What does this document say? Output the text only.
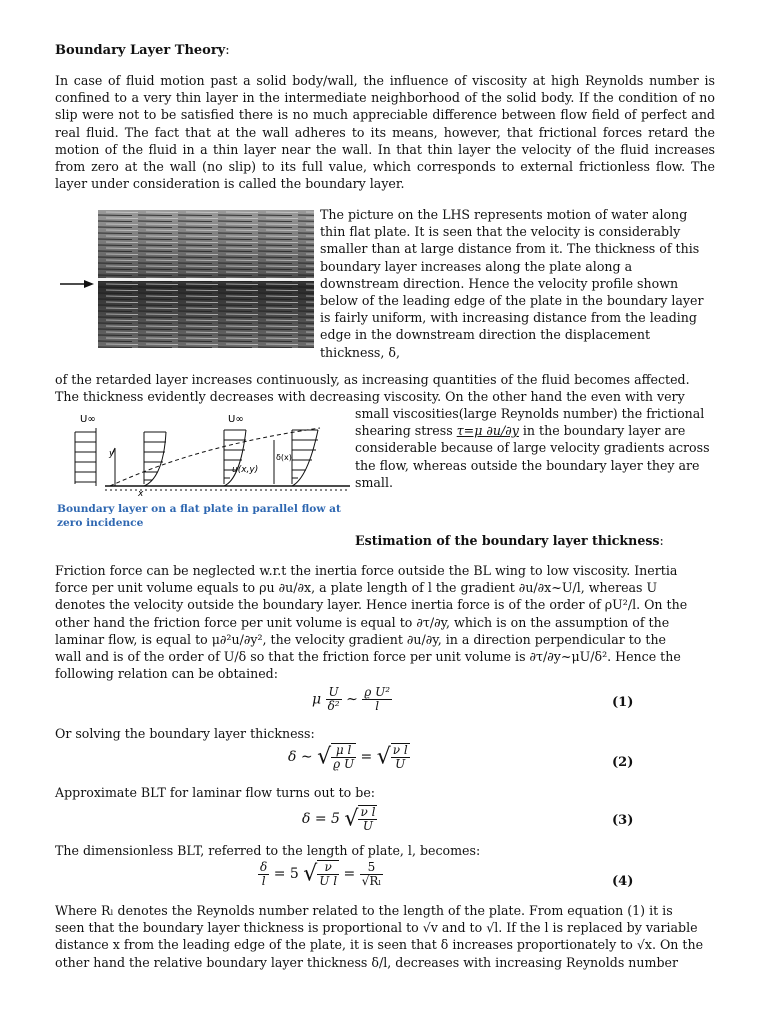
Boundary Layer Theory:

In case of fluid motion past a solid body/wall, the influence of viscosity at high Reynolds number is confined to a very thin layer in the intermediate neighborhood of the solid body. If the condition of no slip were not to be satisfied there is no much appreciable difference between flow field of perfect and real fluid. The fact that at the wall adheres to its means, however, that frictional forces retard the motion of the fluid in a thin layer near the wall. In that thin layer the velocity of the fluid increases from zero at the wall (no slip) to its full value, which corresponds to external frictionless flow. The layer under consideration is called the boundary layer.

The picture on the LHS represents motion of water along thin flat plate. It is seen that the velocity is considerably smaller than at large distance from it. The thickness of this boundary layer increases along the plate along a downstream direction. Hence the velocity profile shown below of the leading edge of the plate in the boundary layer is fairly uniform, with increasing distance from the leading edge in the downstream direction the displacement thickness, δ,

of the retarded layer increases continuously, as increasing quantities of the fluid becomes affected. The thickness evidently decreases with decreasing viscosity. On the other hand the even with very

U∞	U∞
y
x
u(x,y)
δ(x)

small viscosities(large Reynolds number) the frictional shearing stress τ=μ ∂u/∂y in the boundary layer are considerable because of large velocity gradients across the flow, whereas outside the boundary layer they are small.

Boundary layer on a flat plate in parallel flow at zero incidence

Estimation of the boundary layer thickness:

Friction force can be neglected w.r.t the inertia force outside the BL wing to low viscosity. Inertia
force per unit volume equals to ρu ∂u/∂x, a plate length of l the gradient ∂u/∂x~U/l, whereas U
denotes the velocity outside the boundary layer. Hence inertia force is of the order of ρU²/l. On the
other hand the friction force per unit volume is equal to ∂τ/∂y, which is on the assumption of the
laminar flow, is equal to μ∂²u/∂y², the velocity gradient ∂u/∂y, in a direction perpendicular to the
wall and is of the order of U/δ so that the friction force per unit volume is ∂τ/∂y~μU/δ². Hence the
following relation can be obtained:
μ $\frac{U}{\text{δ²}}$ ∼ $\frac{\text{ϱ U²}}{l}$	(1)

Or solving the boundary layer thickness:

δ ∼ √ $\frac{\text{μ l}}{\text{ϱ U}}$ = √ $\frac{\text{ν l}}{U}$	(2)

Approximate BLT for laminar flow turns out to be:

δ = 5 √ $\frac{\text{ν l}}{U}$	(3)

The dimensionless BLT, referred to the length of plate, l, becomes:

$\frac{\delta}{l} = 5$ √ $\frac{\nu}{\text{U l}} = \frac{5}{\text{√Rₗ}}$	(4)
Where Rₗ denotes the Reynolds number related to the length of the plate. From equation (1) it is
seen that the boundary layer thickness is proportional to √v and to √l. If the l is replaced by variable
distance x from the leading edge of the plate, it is seen that δ increases proportionately to √x. On the
other hand the relative boundary layer thickness δ/l, decreases with increasing Reynolds number
